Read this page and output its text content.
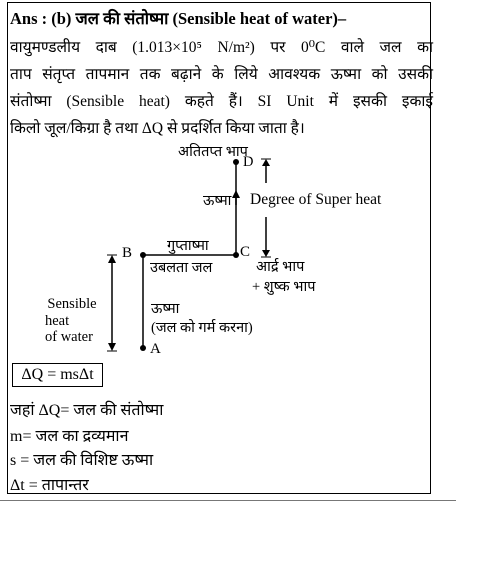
Ans : (b) जल की संतोष्मा (Sensible heat of water)–
वायुमण्डलीय दाब (1.013×10⁵ N/m²) पर 0⁰C वाले जल का
ताप संतृप्त तापमान तक बढ़ाने के लिये आवश्यक ऊष्मा को उसकी
संतोष्मा (Sensible heat) कहते हैं। SI Unit में इसकी इकाई
किलो जूल/किग्रा है तथा ΔQ से प्रदर्शित किया जाता है।
अतितप्त भाप
D
ऊष्मा Degree of Super heat
गुप्ताष्मा
B	C
उबलता जल	आर्द्र भाप
+ शुष्क भाप
Sensible
heat
of water
ऊष्मा
(जल को गर्म करना)
A
ΔQ = msΔt
जहां ΔQ= जल की संतोष्मा
m= जल का द्रव्यमान
s = जल की विशिष्ट ऊष्मा
Δt = तापान्तर
